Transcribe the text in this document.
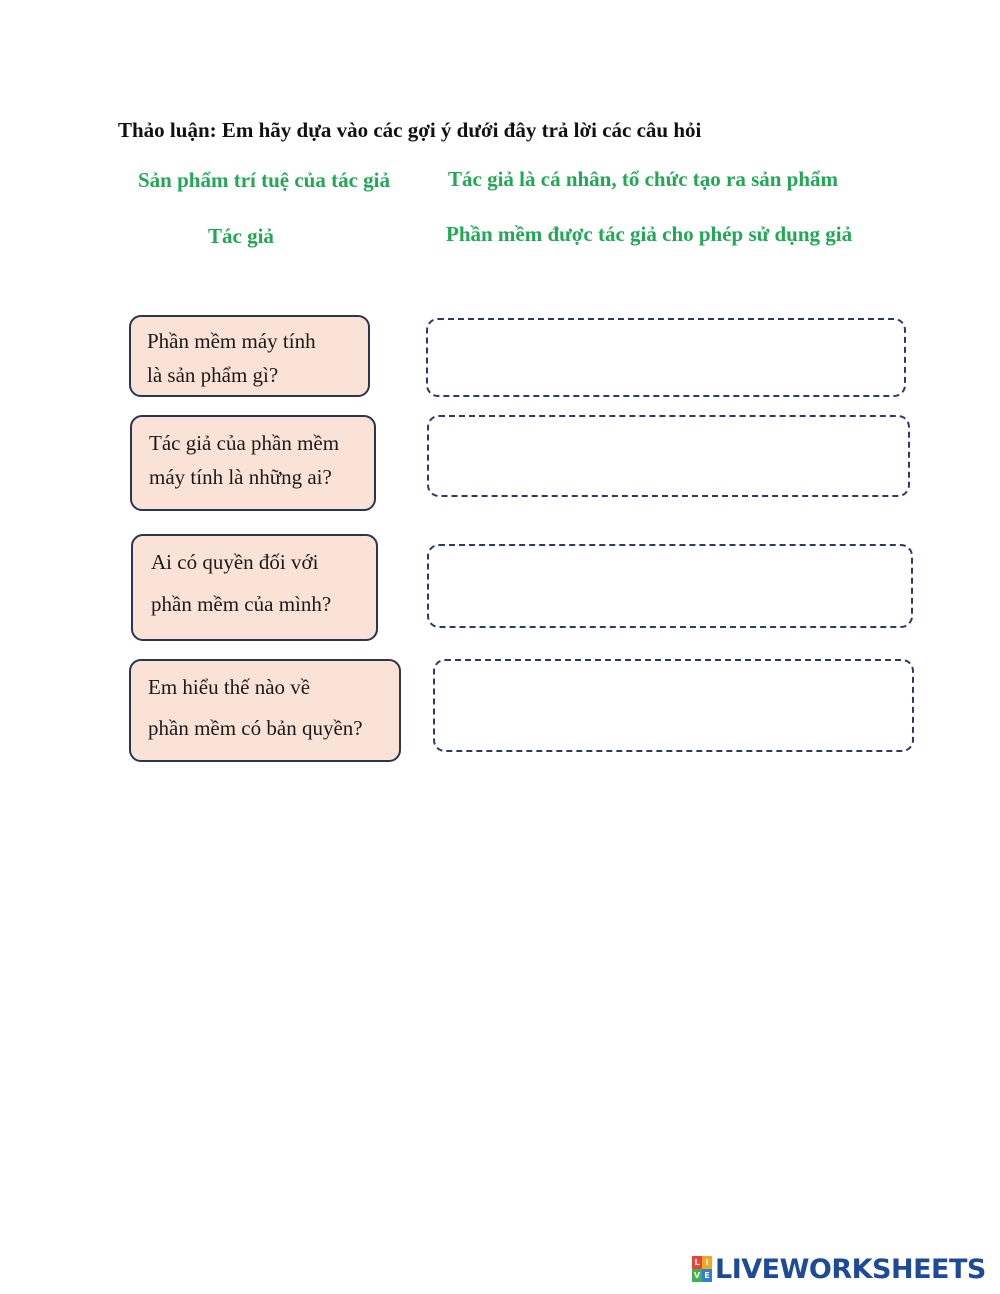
Thảo luận: Em hãy dựa vào các gợi ý dưới đây trả lời các câu hỏi
Sản phẩm trí tuệ của tác giả	Tác giả là cá nhân, tổ chức tạo ra sản phẩm
Tác giả	Phần mềm được tác giả cho phép sử dụng giả
Phần mềm máy tính
là sản phẩm gì?
Tác giả của phần mềm
máy tính là những ai?
Ai có quyền đối với
phần mềm của mình?
Em hiểu thế nào về
phần mềm có bản quyền?
L I
V E LIVEWORKSHEETS
